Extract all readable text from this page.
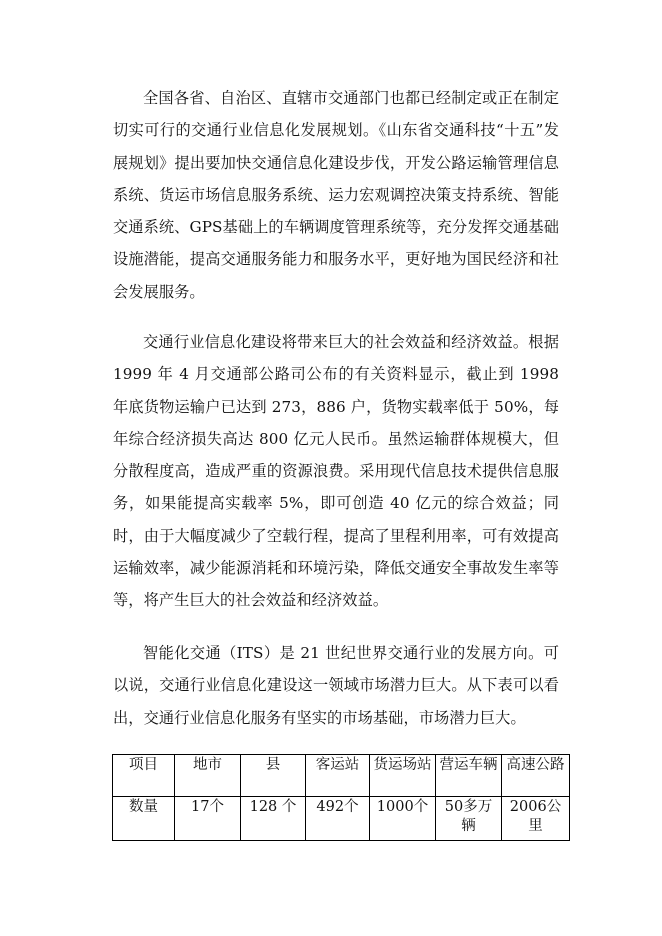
全国各省、自治区、直辖市交通部门也都已经制定或正在制定切实可行的交通行业信息化发展规划。《山东省交通科技“十五”发展规划》提出要加快交通信息化建设步伐，开发公路运输管理信息系统、货运市场信息服务系统、运力宏观调控决策支持系统、智能交通系统、GPS基础上的车辆调度管理系统等，充分发挥交通基础设施潜能，提高交通服务能力和服务水平，更好地为国民经济和社会发展服务。

交通行业信息化建设将带来巨大的社会效益和经济效益。根据 1999 年 4 月交通部公路司公布的有关资料显示，截止到 1998 年底货物运输户已达到 273，886 户，货物实载率低于 50%，每年综合经济损失高达 800 亿元人民币。虽然运输群体规模大，但分散程度高，造成严重的资源浪费。采用现代信息技术提供信息服务，如果能提高实载率 5%，即可创造 40 亿元的综合效益；同时，由于大幅度减少了空载行程，提高了里程利用率，可有效提高运输效率，减少能源消耗和环境污染，降低交通安全事故发生率等等，将产生巨大的社会效益和经济效益。

智能化交通（ITS）是 21 世纪世界交通行业的发展方向。可以说，交通行业信息化建设这一领域市场潜力巨大。从下表可以看出，交通行业信息化服务有坚实的市场基础，市场潜力巨大。

项目	地市	县	客运站	货运场站	营运车辆	高速公路
数量	17个	128 个	492个	1000个	50多万辆	2006公里
